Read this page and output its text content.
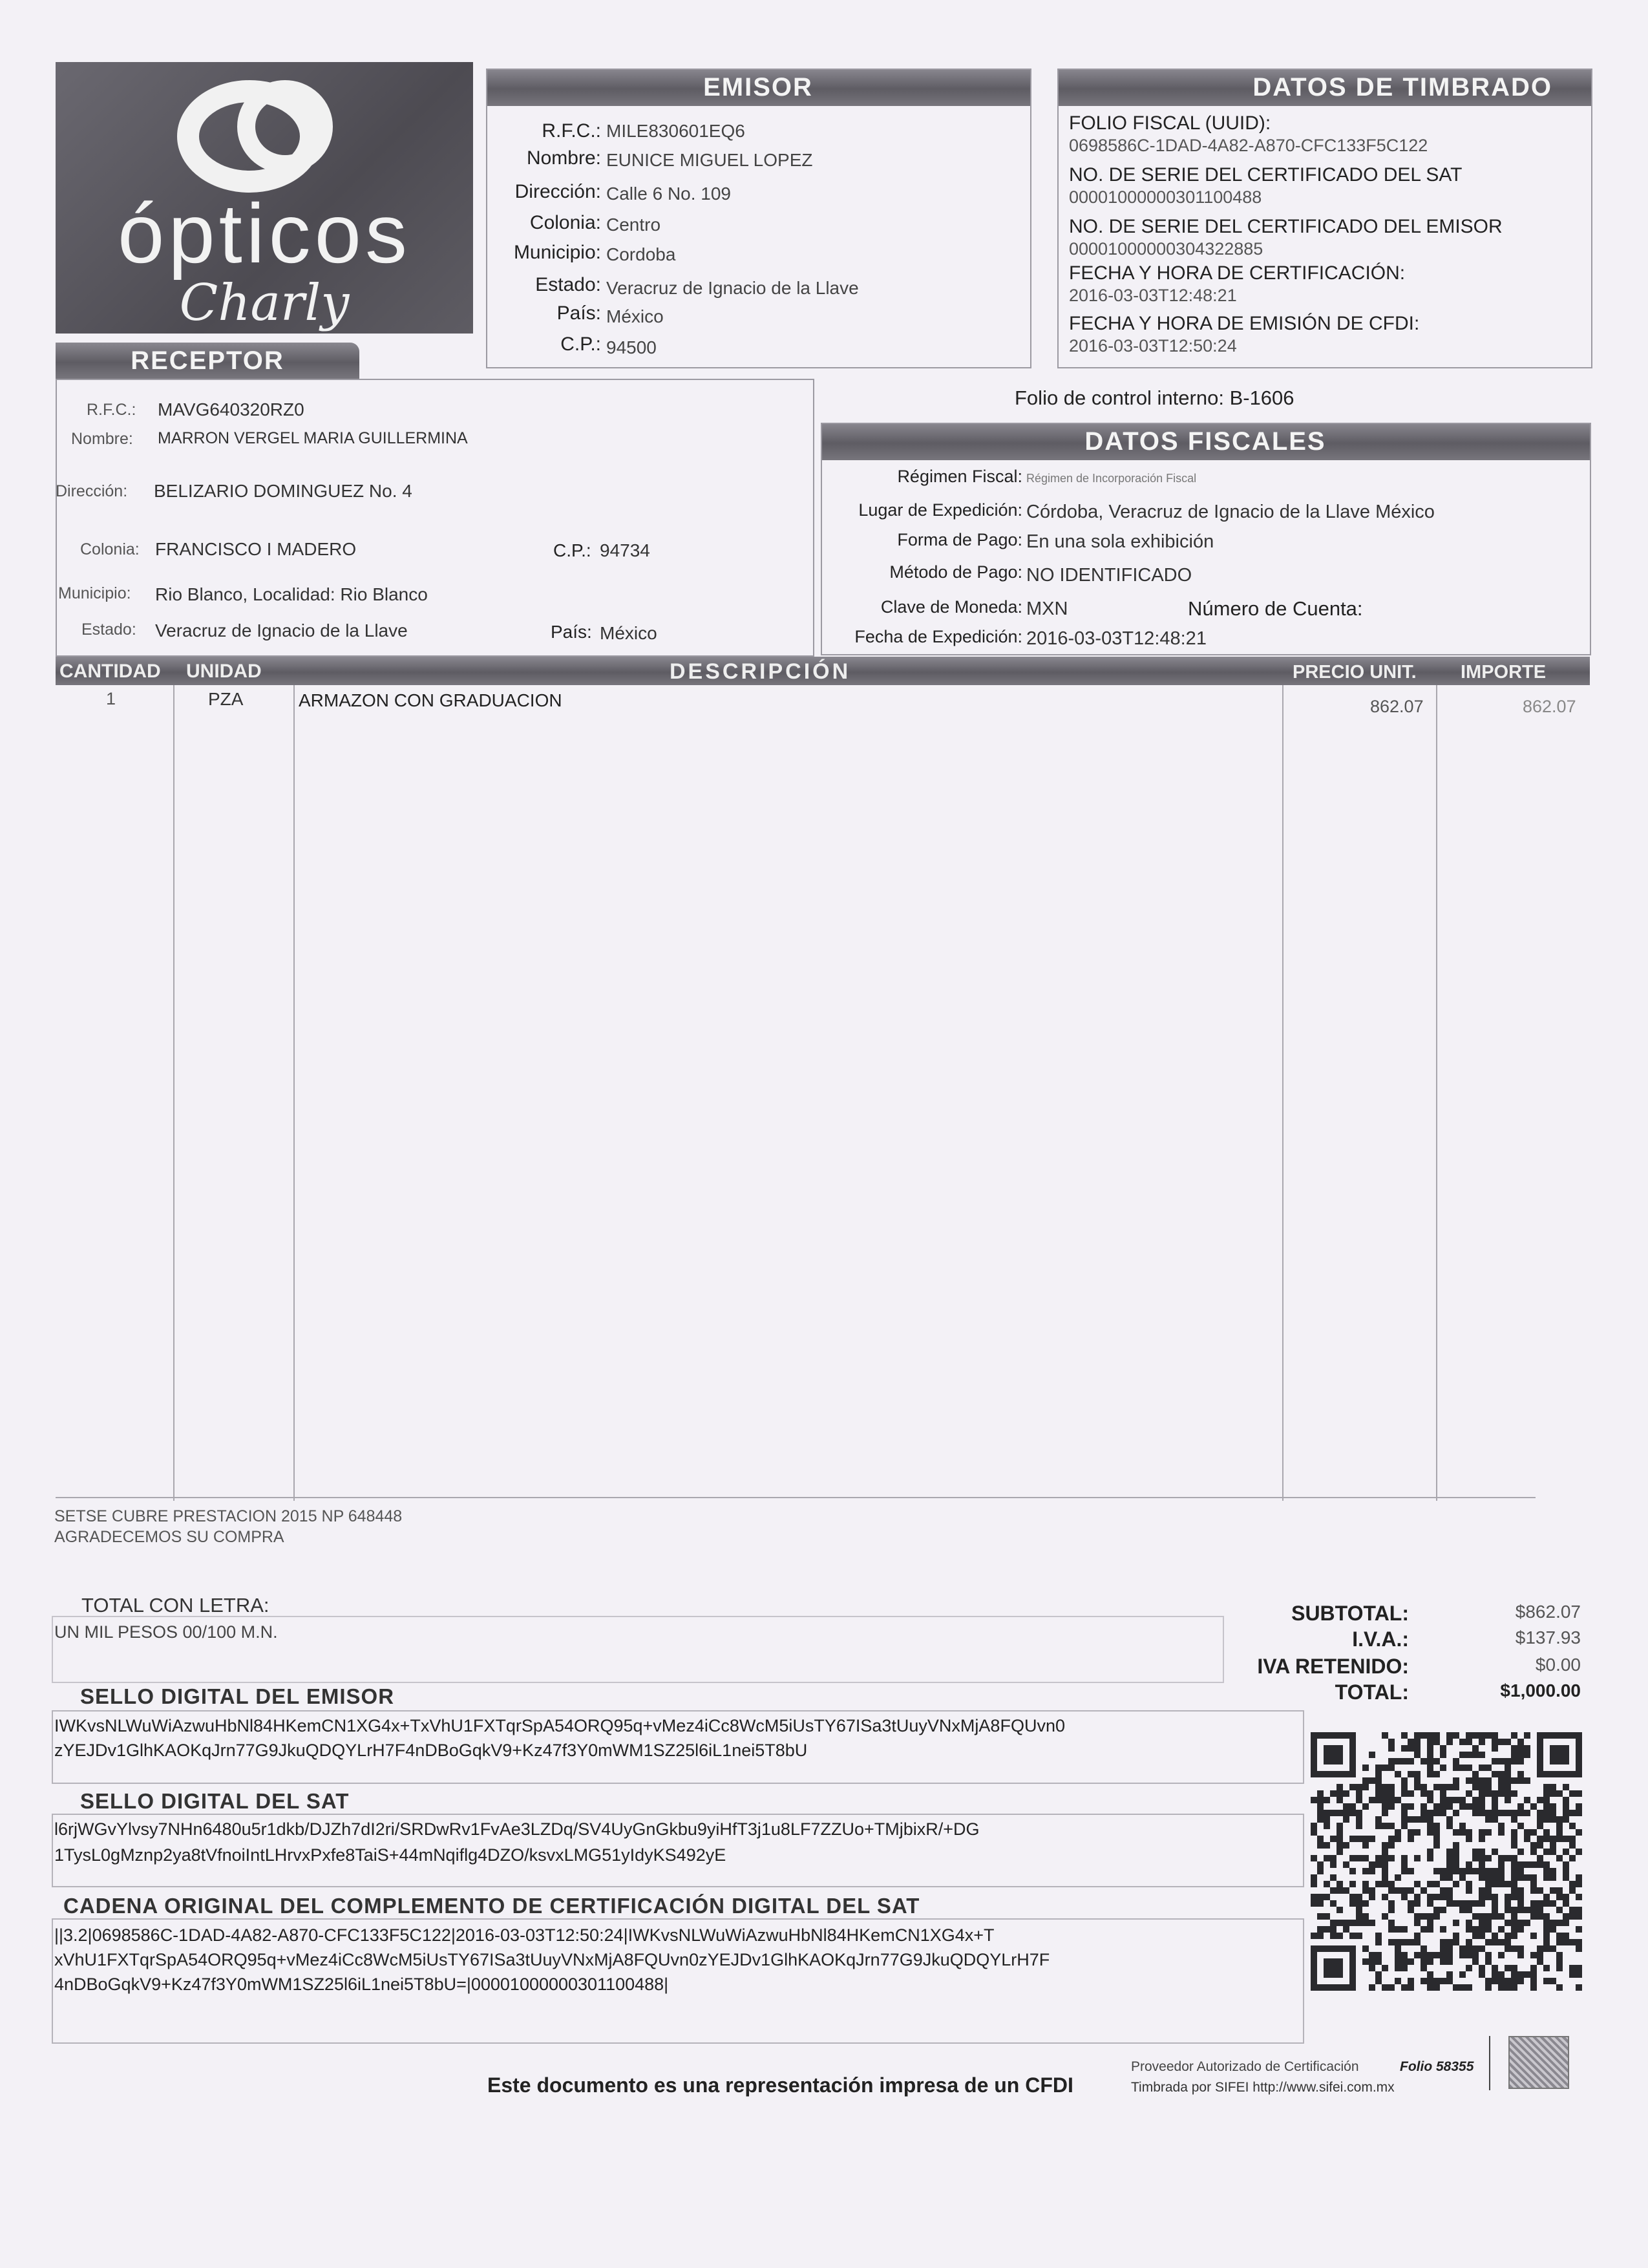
ópticos
Charly
EMISOR
R.F.C.: MILE830601EQ6
Nombre: EUNICE MIGUEL LOPEZ
Dirección: Calle 6 No. 109
Colonia: Centro
Municipio: Cordoba
Estado: Veracruz de Ignacio de la Llave
País: México
C.P.: 94500
DATOS DE TIMBRADO
FOLIO FISCAL (UUID):
0698586C-1DAD-4A82-A870-CFC133F5C122
NO. DE SERIE DEL CERTIFICADO DEL SAT
00001000000301100488
NO. DE SERIE DEL CERTIFICADO DEL EMISOR
00001000000304322885
FECHA Y HORA DE CERTIFICACIÓN:
2016-03-03T12:48:21
FECHA Y HORA DE EMISIÓN DE CFDI:
2016-03-03T12:50:24
RECEPTOR
R.F.C.: MAVG640320RZ0
Nombre: MARRON VERGEL MARIA GUILLERMINA
Dirección: BELIZARIO DOMINGUEZ No. 4
Colonia: FRANCISCO I MADERO	C.P.: 94734
Municipio: Rio Blanco, Localidad: Rio Blanco
Estado: Veracruz de Ignacio de la Llave	País: México
Folio de control interno: B-1606
DATOS FISCALES
Régimen Fiscal: Régimen de Incorporación Fiscal
Lugar de Expedición: Córdoba, Veracruz de Ignacio de la Llave México
Forma de Pago: En una sola exhibición
Método de Pago: NO IDENTIFICADO
Clave de Moneda: MXN	Número de Cuenta:
Fecha de Expedición: 2016-03-03T12:48:21
CANTIDAD UNIDAD	DESCRIPCIÓN	PRECIO UNIT. IMPORTE
1	PZA	ARMAZON CON GRADUACION	862.07	862.07
SETSE CUBRE PRESTACION 2015 NP 648448
AGRADECEMOS SU COMPRA
TOTAL CON LETRA:
UN MIL PESOS 00/100 M.N.
SUBTOTAL:	$862.07
I.V.A.:	$137.93
IVA RETENIDO:	$0.00
TOTAL:	$1,000.00
SELLO DIGITAL DEL EMISOR
IWKvsNLWuWiAzwuHbNl84HKemCN1XG4x+TxVhU1FXTqrSpA54ORQ95q+vMez4iCc8WcM5iUsTY67ISa3tUuyVNxMjA8FQUvn0
zYEJDv1GlhKAOKqJrn77G9JkuQDQYLrH7F4nDBoGqkV9+Kz47f3Y0mWM1SZ25l6iL1nei5T8bU
SELLO DIGITAL DEL SAT
l6rjWGvYlvsy7NHn6480u5r1dkb/DJZh7dI2ri/SRDwRv1FvAe3LZDq/SV4UyGnGkbu9yiHfT3j1u8LF7ZZUo+TMjbixR/+DG
1TysL0gMznp2ya8tVfnoiIntLHrvxPxfe8TaiS+44mNqiflg4DZO/ksvxLMG51yIdyKS492yE
CADENA ORIGINAL DEL COMPLEMENTO DE CERTIFICACIÓN DIGITAL DEL SAT
||3.2|0698586C-1DAD-4A82-A870-CFC133F5C122|2016-03-03T12:50:24|IWKvsNLWuWiAzwuHbNl84HKemCN1XG4x+T
xVhU1FXTqrSpA54ORQ95q+vMez4iCc8WcM5iUsTY67ISa3tUuyVNxMjA8FQUvn0zYEJDv1GlhKAOKqJrn77G9JkuQDQYLrH7F
4nDBoGqkV9+Kz47f3Y0mWM1SZ25l6iL1nei5T8bU=|00001000000301100488|
Este documento es una representación impresa de un CFDI
Proveedor Autorizado de Certificación	Folio 58355
Timbrada por SIFEI http://www.sifei.com.mx
